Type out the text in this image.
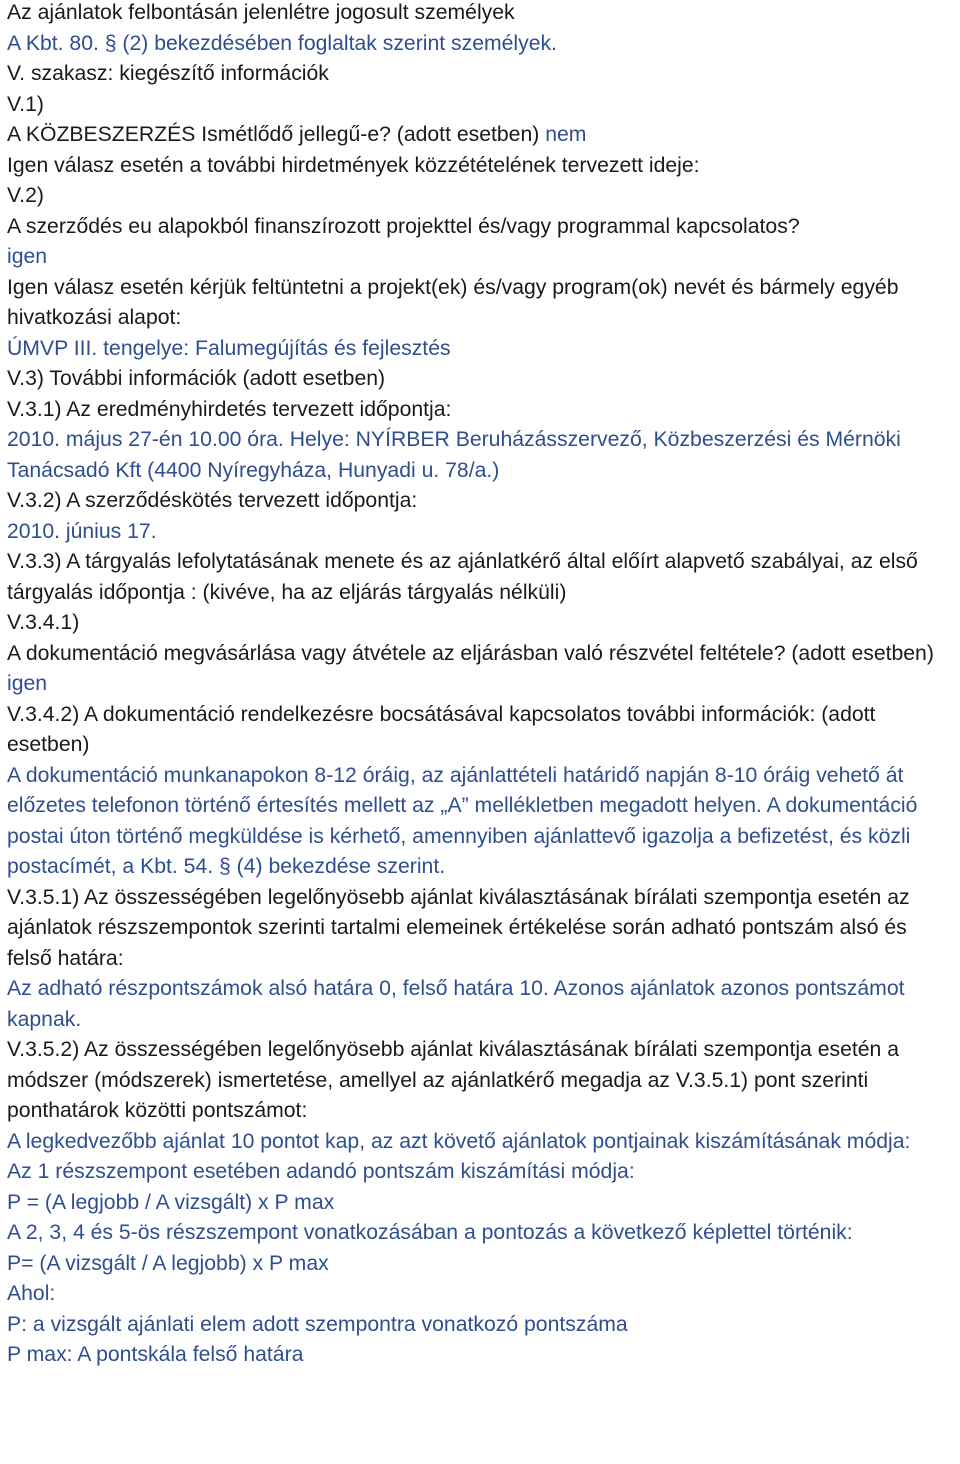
Az ajánlatok felbontásán jelenlétre jogosult személyek

A Kbt. 80. § (2) bekezdésében foglaltak szerint személyek.

V. szakasz: kiegészítő információk

V.1)

A KÖZBESZERZÉS Ismétlődő jellegű-e? (adott esetben) nem

Igen válasz esetén a további hirdetmények közzétételének tervezett ideje:

V.2)

A szerződés eu alapokból finanszírozott projekttel és/vagy programmal kapcsolatos?

igen

Igen válasz esetén kérjük feltüntetni a projekt(ek) és/vagy program(ok) nevét és bármely egyéb hivatkozási alapot:

ÚMVP III. tengelye: Falumegújítás és fejlesztés

V.3) További információk (adott esetben)

V.3.1) Az eredményhirdetés tervezett időpontja:

2010. május 27-én 10.00 óra. Helye: NYÍRBER Beruházásszervező, Közbeszerzési és Mérnöki Tanácsadó Kft (4400 Nyíregyháza, Hunyadi u. 78/a.)

V.3.2) A szerződéskötés tervezett időpontja:

2010. június 17.

V.3.3) A tárgyalás lefolytatásának menete és az ajánlatkérő által előírt alapvető szabályai, az első tárgyalás időpontja : (kivéve, ha az eljárás tárgyalás nélküli)

V.3.4.1)

A dokumentáció megvásárlása vagy átvétele az eljárásban való részvétel feltétele? (adott esetben) igen

V.3.4.2) A dokumentáció rendelkezésre bocsátásával kapcsolatos további információk: (adott esetben)

A dokumentáció munkanapokon 8-12 óráig, az ajánlattételi határidő napján 8-10 óráig vehető át előzetes telefonon történő értesítés mellett az „A” mellékletben megadott helyen. A dokumentáció postai úton történő megküldése is kérhető, amennyiben ajánlattevő igazolja a befizetést, és közli postacímét, a Kbt. 54. § (4) bekezdése szerint.

V.3.5.1) Az összességében legelőnyösebb ajánlat kiválasztásának bírálati szempontja esetén az ajánlatok részszempontok szerinti tartalmi elemeinek értékelése során adható pontszám alsó és felső határa:

Az adható részpontszámok alsó határa 0, felső határa 10. Azonos ajánlatok azonos pontszámot kapnak.

V.3.5.2) Az összességében legelőnyösebb ajánlat kiválasztásának bírálati szempontja esetén a módszer (módszerek) ismertetése, amellyel az ajánlatkérő megadja az V.3.5.1) pont szerinti ponthatárok közötti pontszámot:

A legkedvezőbb ajánlat 10 pontot kap, az azt követő ajánlatok pontjainak kiszámításának módja:

Az 1 részszempont esetében adandó pontszám kiszámítási módja:

P = (A legjobb / A vizsgált) x P max

A 2, 3, 4 és 5-ös részszempont vonatkozásában a pontozás a következő képlettel történik:

P= (A vizsgált / A legjobb) x P max

Ahol:

P: a vizsgált ajánlati elem adott szempontra vonatkozó pontszáma

P max: A pontskála felső határa
